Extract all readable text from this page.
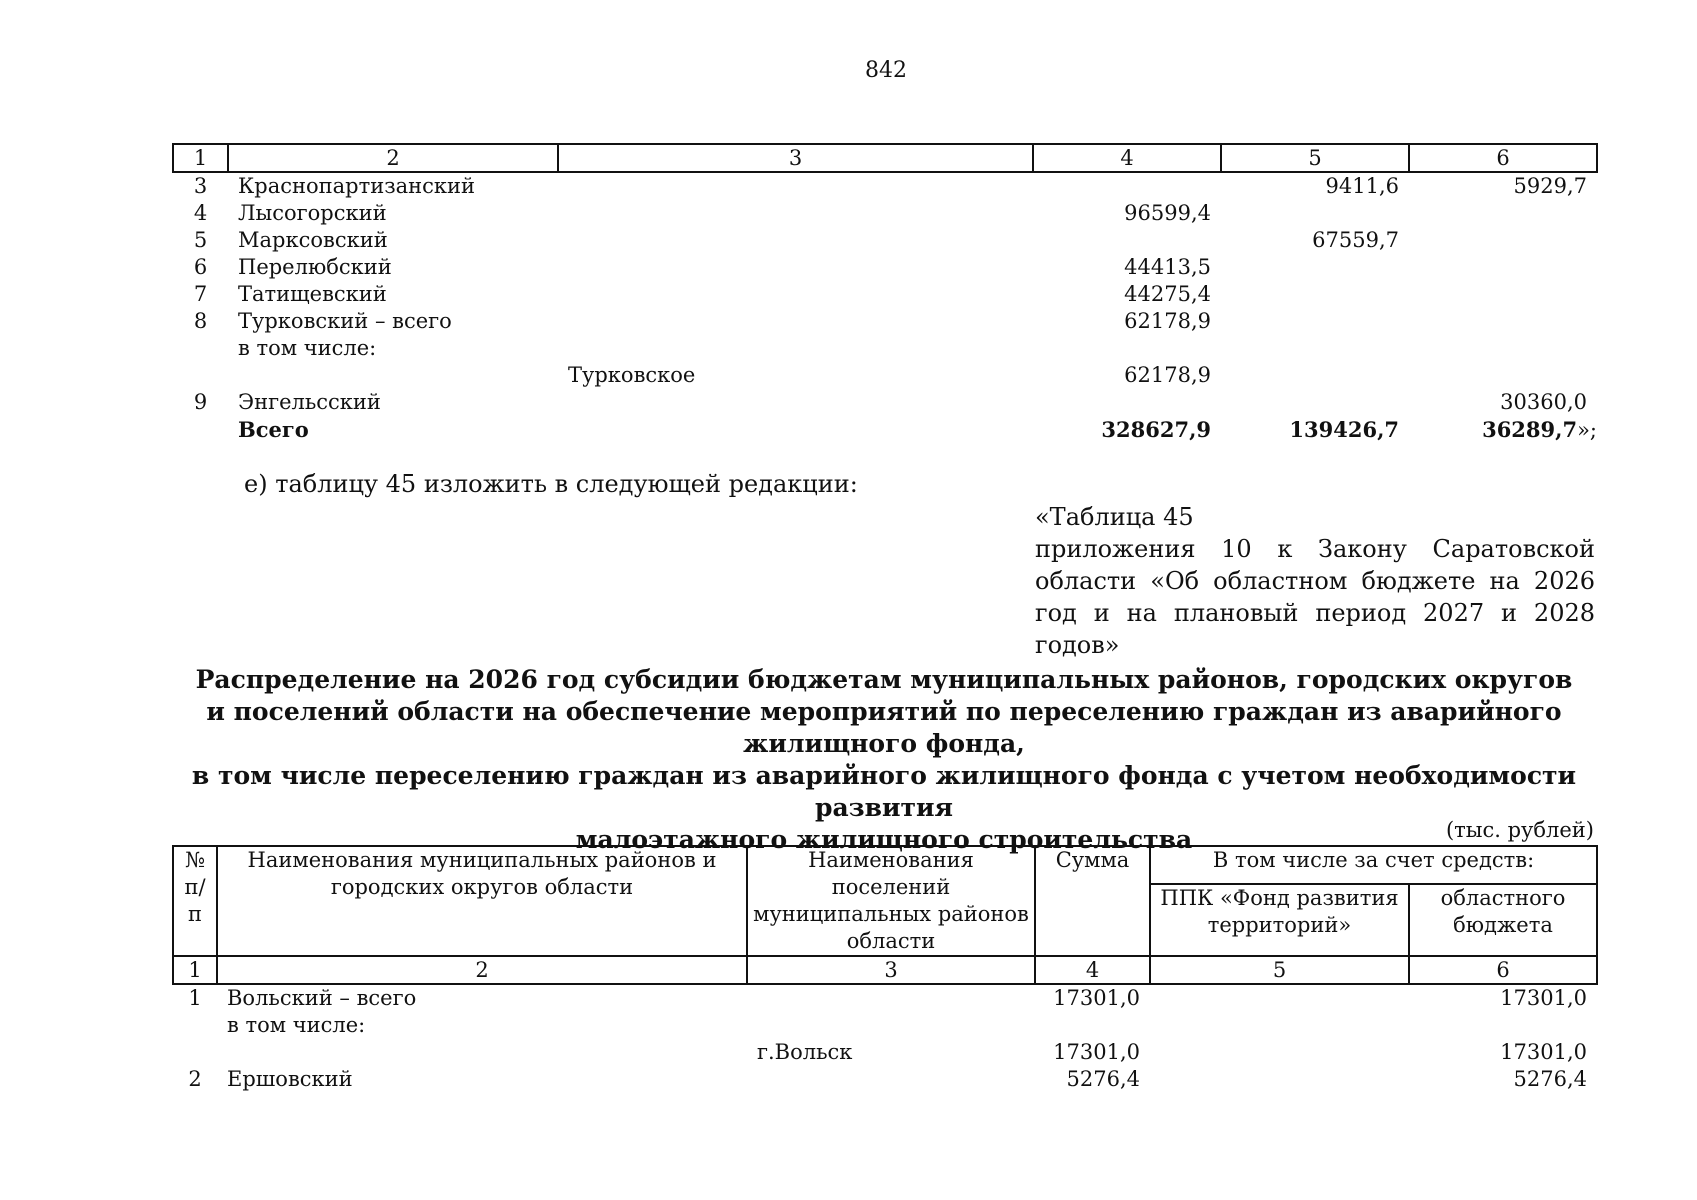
842
1	2	3	4	5	6
3	Краснопартизанский			9411,6	5929,7
4	Лысогорский		96599,4		
5	Марксовский			67559,7	
6	Перелюбский		44413,5		
7	Татищевский		44275,4		
8	Турковский – всего		62178,9		
	в том числе:				
		Турковское	62178,9		
9	Энгельсский				30360,0
	Всего		328627,9	139426,7	36289,7»;
е) таблицу 45 изложить в следующей редакции:
«Таблица 45
приложения 10 к Закону Саратовской области «Об областном бюджете на 2026 год и на плановый период 2027 и 2028 годов»
Распределение на 2026 год субсидии бюджетам муниципальных районов, городских округов
и поселений области на обеспечение мероприятий по переселению граждан из аварийного жилищного фонда,
в том числе переселению граждан из аварийного жилищного фонда с учетом необходимости развития
малоэтажного жилищного строительства	(тыс. рублей)
№ п/п	Наименования муниципальных районов и городских округов области	Наименования поселений муниципальных районов области	Сумма	В том числе за счет средств:	
				ППК «Фонд развития территорий»	областного бюджета
1	2	3	4	5	6
1	Вольский – всего		17301,0		17301,0
	в том числе:				
		г.Вольск	17301,0		17301,0
2	Ершовский		5276,4		5276,4
